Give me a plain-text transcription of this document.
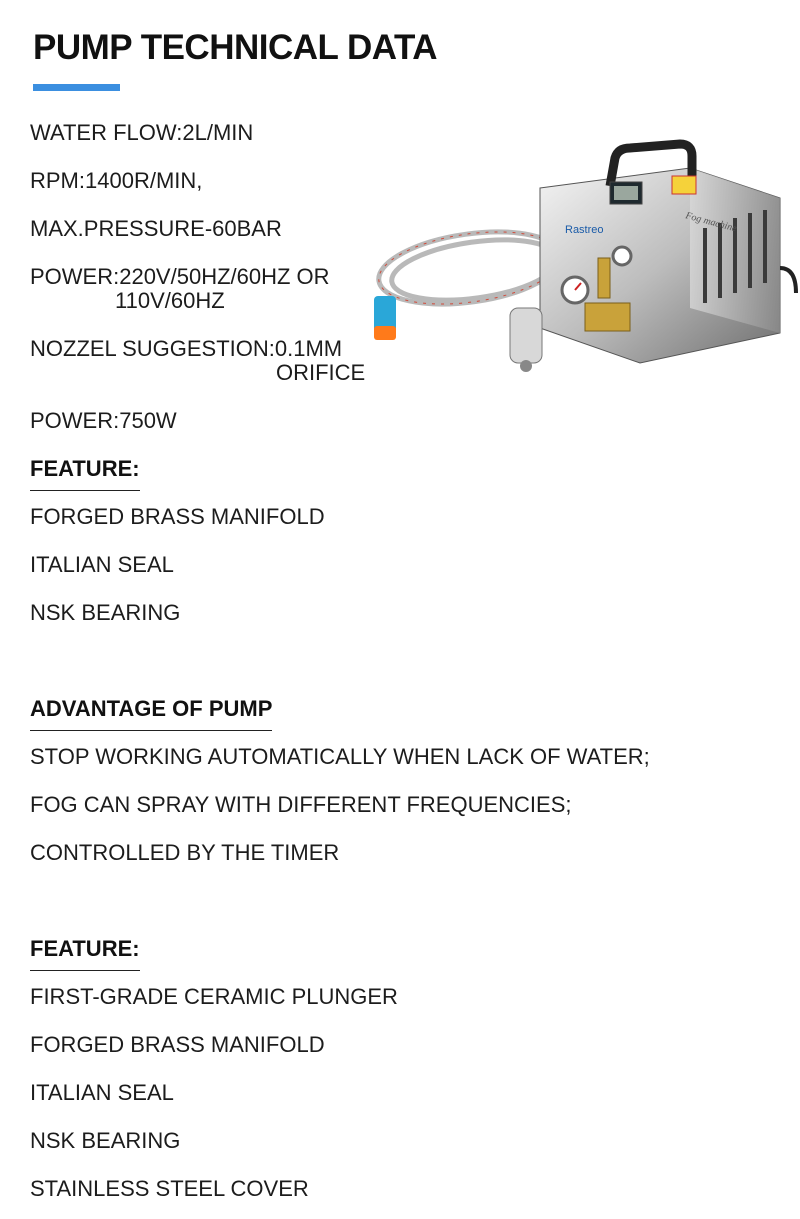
PUMP TECHNICAL DATA
WATER FLOW:2L/MIN
RPM:1400R/MIN,
MAX.PRESSURE-60BAR
POWER:220V/50HZ/60HZ OR
110V/60HZ
NOZZEL SUGGESTION:0.1MM
ORIFICE
POWER:750W
FEATURE:
FORGED BRASS MANIFOLD
ITALIAN SEAL
NSK BEARING
ADVANTAGE OF PUMP
STOP WORKING AUTOMATICALLY WHEN LACK OF WATER;
FOG CAN SPRAY WITH DIFFERENT FREQUENCIES;
CONTROLLED BY THE TIMER
FEATURE:
FIRST-GRADE CERAMIC PLUNGER
FORGED BRASS MANIFOLD
ITALIAN SEAL
NSK BEARING
STAINLESS STEEL COVER
Rastreo	Fog machine
